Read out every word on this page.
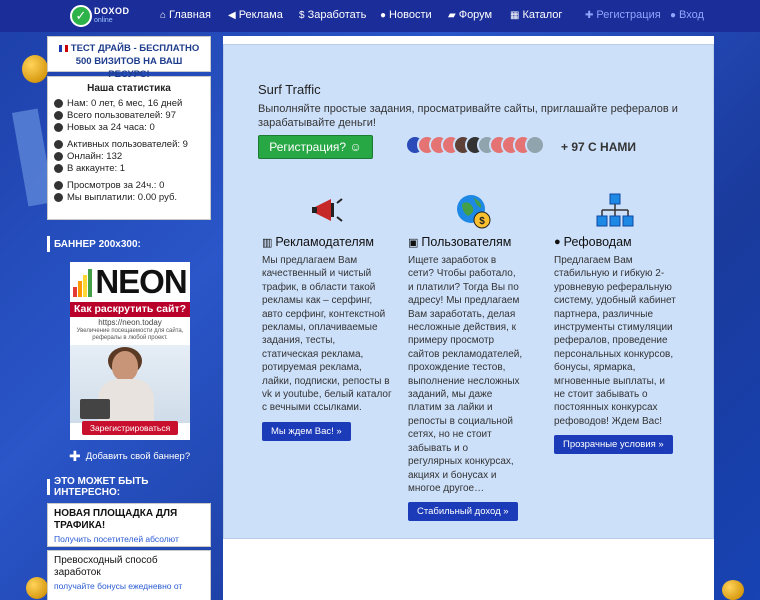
✓ DOXOD
online	⌂ Главная ◀ Реклама $ Заработать ● Новости ▰ Форум ▦ Каталог ✚ Регистрация ● Вход
ТЕСТ ДРАЙВ - БЕСПЛАТНО 500 ВИЗИТОВ НА ВАШ РЕСУРС!
Наша статистика
Нам: 0 лет, 6 мес, 16 дней
Всего пользователей: 97
Новых за 24 часа: 0
Активных пользователей: 9
Онлайн: 132
В аккаунте: 1
Просмотров за 24ч.: 0
Мы выплатили: 0.00 руб.
БАННЕР 200х300:
NEON
Как раскрутить сайт?
https://neon.today
Увеличение посещаемости для сайта, рефералы в любой проект.
Зарегистрироваться
✚ Добавить свой баннер?
ЭТО МОЖЕТ БЫТЬ ИНТЕРЕСНО:
НОВАЯ ПЛОЩАДКА ДЛЯ ТРАФИКА!
Получить посетителей абсолют
Превосходный способ заработок
получайте бонусы ежедневно от
Surf Traffic
Выполняйте простые задания, просматривайте сайты, приглашайте рефералов и зарабатывайте деньги!
Регистрация? ☺	+ 97 С НАМИ
▥ Рекламодателям
Мы предлагаем Вам качественный и чистый трафик, в области такой рекламы как – серфинг, авто серфинг, контекстной рекламы, оплачиваемые задания, тесты, статическая реклама, ротируемая реклама, лайки, подписки, репосты в vk и youtube, белый каталог с вечными ссылками.
Мы ждем Вас! »
$
▣ Пользователям
Ищете заработок в сети? Чтобы работало, и платили? Тогда Вы по адресу! Мы предлагаем Вам заработать, делая несложные действия, к примеру просмотр сайтов рекламодателей, прохождение тестов, выполнение несложных заданий, мы даже платим за лайки и репосты в социальной сетях, но не стоит забывать и о регулярных конкурсах, акциях и бонусах и многое другое…
Стабильный доход »
● Рефоводам
Предлагаем Вам стабильную и гибкую 2-уровневую реферальную систему, удобный кабинет партнера, различные инструменты стимуляции рефералов, проведение персональных конкурсов, бонусы, ярмарка, мгновенные выплаты, и не стоит забывать о постоянных конкурсах рефоводов! Ждем Вас!
Прозрачные условия »
